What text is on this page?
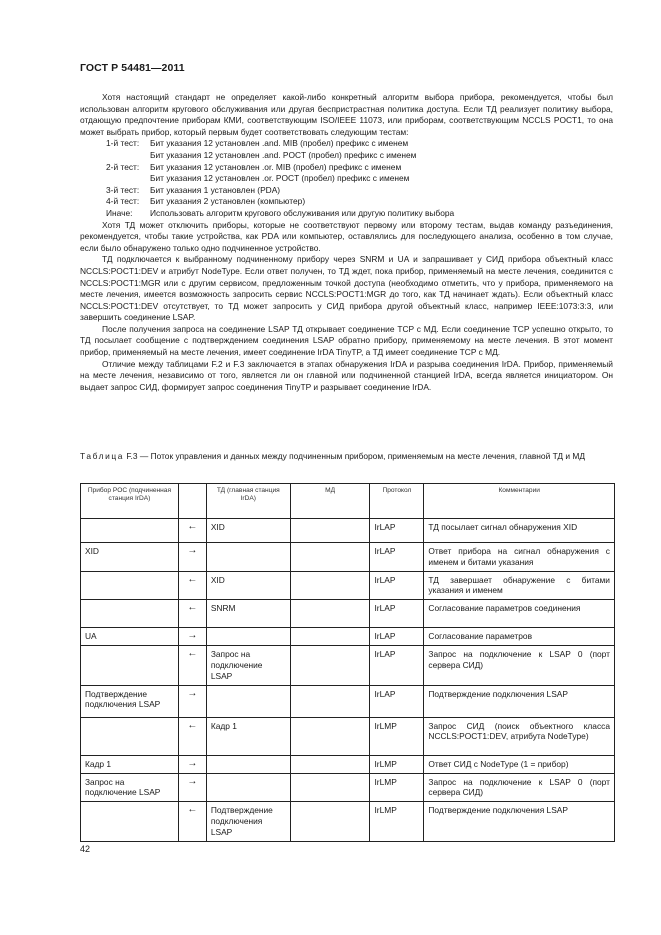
ГОСТ Р 54481—2011

Хотя настоящий стандарт не определяет какой-либо конкретный алгоритм выбора прибора, рекомендуется, чтобы был использован алгоритм кругового обслуживания или другая беспристрастная политика доступа. Если ТД реализует политику выбора, отдающую предпочтение приборам КМИ, соответствующим ISO/IEEE 11073, или приборам, соответствующим NCCLS POCT1, то она может выбрать прибор, который первым будет соответствовать следующим тестам:

1-й тест:	Бит указания 12 установлен .and. MIB (пробел) префикс с именем
Бит указания 12 установлен .and. POCT (пробел) префикс с именем
2-й тест:	Бит указания 12 установлен .or. MIB (пробел) префикс с именем
Бит указания 12 установлен .or. POCT (пробел) префикс с именем
3-й тест:	Бит указания 1 установлен (PDA)
4-й тест:	Бит указания 2 установлен (компьютер)
Иначе:	Использовать алгоритм кругового обслуживания или другую политику выбора

Хотя ТД может отключить приборы, которые не соответствуют первому или второму тестам, выдав команду разъединения, рекомендуется, чтобы такие устройства, как PDA или компьютер, оставлялись для последующего анализа, особенно в том случае, если было обнаружено только одно подчиненное устройство.

ТД подключается к выбранному подчиненному прибору через SNRM и UA и запрашивает у СИД прибора объектный класс NCCLS:POCT1:DEV и атрибут NodeType. Если ответ получен, то ТД ждет, пока прибор, применяемый на месте лечения, соединится с NCCLS:POCT1:MGR или с другим сервисом, предложенным точкой доступа (необходимо отметить, что у прибора, применяемого на месте лечения, имеется возможность запросить сервис NCCLS:POCT1:MGR до того, как ТД начинает ждать). Если объектный класс NCCLS:POCT1:DEV отсутствует, то ТД может запросить у СИД прибора другой объектный класс, например IEEE:1073:3:3, или завершить соединение LSAP.

После получения запроса на соединение LSAP ТД открывает соединение TCP с МД. Если соединение TCP успешно открыто, то ТД посылает сообщение с подтверждением соединения LSAP обратно прибору, применяемому на месте лечения. В этот момент прибор, применяемый на месте лечения, имеет соединение IrDA TinyTP, а ТД имеет соединение TCP с МД.

Отличие между таблицами F.2 и F.3 заключается в этапах обнаружения IrDA и разрыва соединения IrDA. Прибор, применяемый на месте лечения, независимо от того, является ли он главной или подчиненной станцией IrDA, всегда является инициатором. Он выдает запрос СИД, формирует запрос соединения TinyTP и разрывает соединение IrDA.

Таблица F.3 — Поток управления и данных между подчиненным прибором, применяемым на месте лечения, главной ТД и МД
Прибор POC (подчиненная станция IrDA)		ТД (главная станция IrDA)	МД	Протокол	Комментарии
	←	XID		IrLAP	ТД посылает сигнал обнаружения XID
XID	→			IrLAP	Ответ прибора на сигнал обнаружения с именем и битами указания
	←	XID		IrLAP	ТД завершает обнаружение с битами указания и именем
	←	SNRM		IrLAP	Согласование параметров соединения
UA	→			IrLAP	Согласование параметров
	←	Запрос на подключение LSAP		IrLAP	Запрос на подключение к LSAP 0 (порт сервера СИД)
Подтверждение подключения LSAP	→			IrLAP	Подтверждение подключения LSAP
	←	Кадр 1		IrLMP	Запрос СИД (поиск объектного класса NCCLS:POCT1:DEV, атрибута NodeType)
Кадр 1	→			IrLMP	Ответ СИД с NodeType (1 = прибор)
Запрос на подключение LSAP	→			IrLMP	Запрос на подключение к LSAP 0 (порт сервера СИД)
	←	Подтверждение подключения LSAP		IrLMP	Подтверждение подключения LSAP
42
